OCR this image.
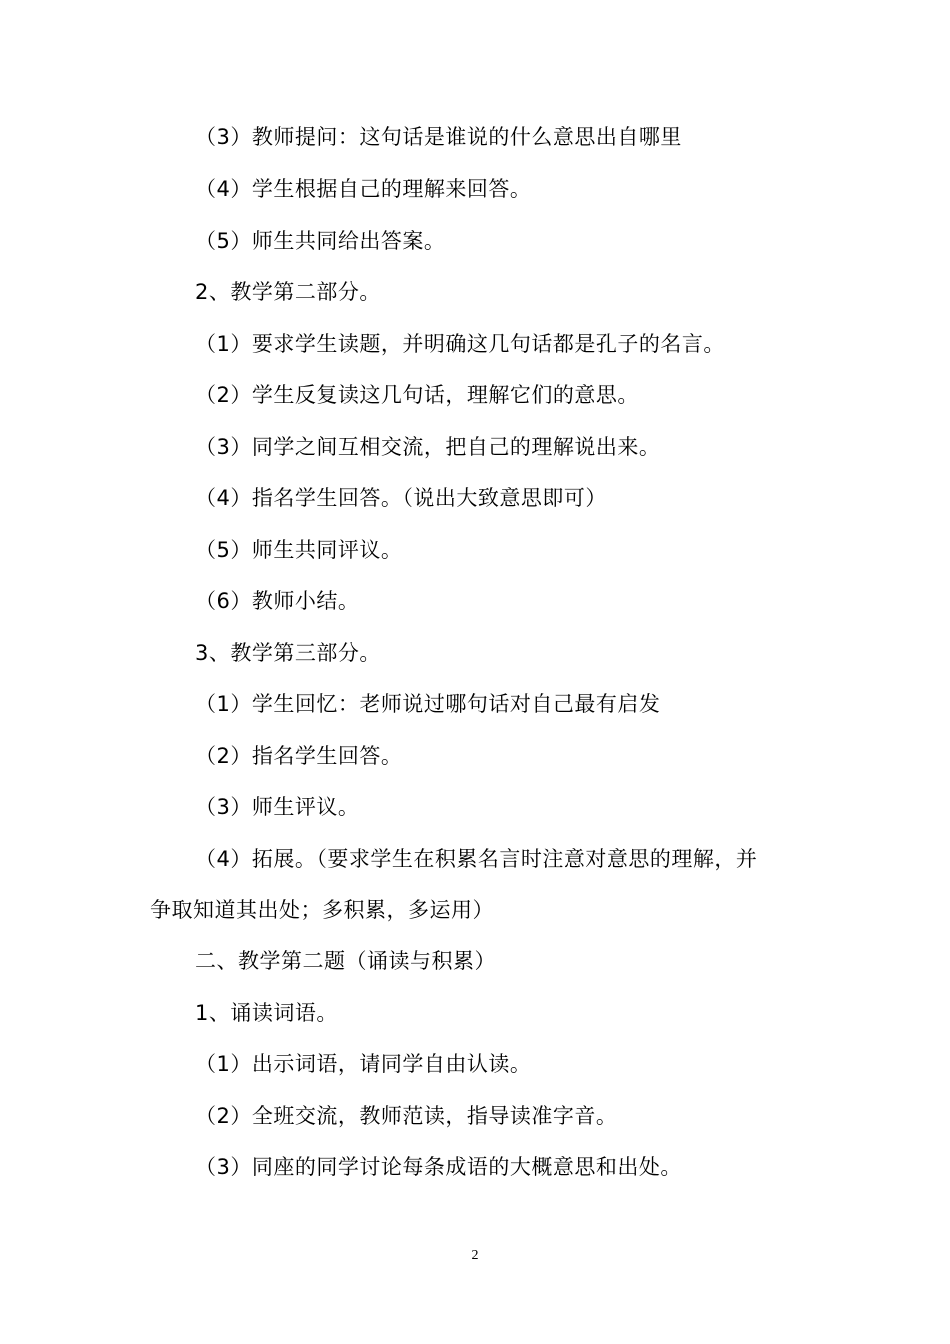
（3）教师提问：这句话是谁说的什么意思出自哪里
（4）学生根据自己的理解来回答。
（5）师生共同给出答案。
2、教学第二部分。
（1）要求学生读题，并明确这几句话都是孔子的名言。
（2）学生反复读这几句话，理解它们的意思。
（3）同学之间互相交流，把自己的理解说出来。
（4）指名学生回答。（说出大致意思即可）
（5）师生共同评议。
（6）教师小结。
3、教学第三部分。
（1）学生回忆：老师说过哪句话对自己最有启发
（2）指名学生回答。
（3）师生评议。
（4）拓展。（要求学生在积累名言时注意对意思的理解，并
争取知道其出处；多积累，多运用）
二、教学第二题（诵读与积累）
1、诵读词语。
（1）出示词语，请同学自由认读。
（2）全班交流，教师范读，指导读准字音。
（3）同座的同学讨论每条成语的大概意思和出处。
2
